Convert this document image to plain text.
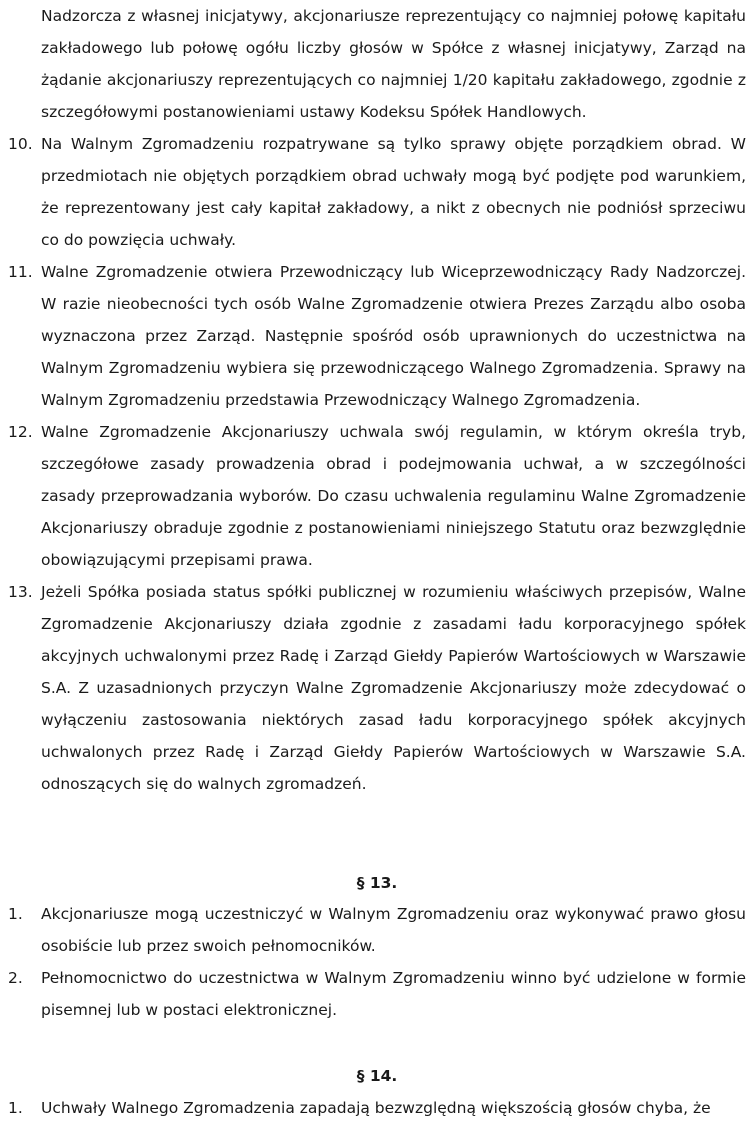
Nadzorcza z własnej inicjatywy, akcjonariusze reprezentujący co najmniej połowę kapitału zakładowego lub połowę ogółu liczby głosów w Spółce z własnej inicjatywy, Zarząd na żądanie akcjonariuszy reprezentujących co najmniej 1/20 kapitału zakładowego, zgodnie z szczegółowymi postanowieniami ustawy Kodeksu Spółek Handlowych.
10. Na Walnym Zgromadzeniu rozpatrywane są tylko sprawy objęte porządkiem obrad. W przedmiotach nie objętych porządkiem obrad uchwały mogą być podjęte pod warunkiem, że reprezentowany jest cały kapitał zakładowy, a nikt z obecnych nie podniósł sprzeciwu co do powzięcia uchwały.
11. Walne Zgromadzenie otwiera Przewodniczący lub Wiceprzewodniczący Rady Nadzorczej. W razie nieobecności tych osób Walne Zgromadzenie otwiera Prezes Zarządu albo osoba wyznaczona przez Zarząd. Następnie spośród osób uprawnionych do uczestnictwa na Walnym Zgromadzeniu wybiera się przewodniczącego Walnego Zgromadzenia. Sprawy na Walnym Zgromadzeniu przedstawia Przewodniczący Walnego Zgromadzenia.
12. Walne Zgromadzenie Akcjonariuszy uchwala swój regulamin, w którym określa tryb, szczegółowe zasady prowadzenia obrad i podejmowania uchwał, a w szczególności zasady przeprowadzania wyborów. Do czasu uchwalenia regulaminu Walne Zgromadzenie Akcjonariuszy obraduje zgodnie z postanowieniami niniejszego Statutu oraz bezwzględnie obowiązującymi przepisami prawa.
13. Jeżeli Spółka posiada status spółki publicznej w rozumieniu właściwych przepisów, Walne Zgromadzenie Akcjonariuszy działa zgodnie z zasadami ładu korporacyjnego spółek akcyjnych uchwalonymi przez Radę i Zarząd Giełdy Papierów Wartościowych w Warszawie S.A. Z uzasadnionych przyczyn Walne Zgromadzenie Akcjonariuszy może zdecydować o wyłączeniu zastosowania niektórych zasad ładu korporacyjnego spółek akcyjnych uchwalonych przez Radę i Zarząd Giełdy Papierów Wartościowych w Warszawie S.A. odnoszących się do walnych zgromadzeń.

§ 13.

1.	Akcjonariusze mogą uczestniczyć w Walnym Zgromadzeniu oraz wykonywać prawo głosu osobiście lub przez swoich pełnomocników.
2.	Pełnomocnictwo do uczestnictwa w Walnym Zgromadzeniu winno być udzielone w formie pisemnej lub w postaci elektronicznej.

§ 14.

1.	Uchwały Walnego Zgromadzenia zapadają bezwzględną większością głosów chyba, że
